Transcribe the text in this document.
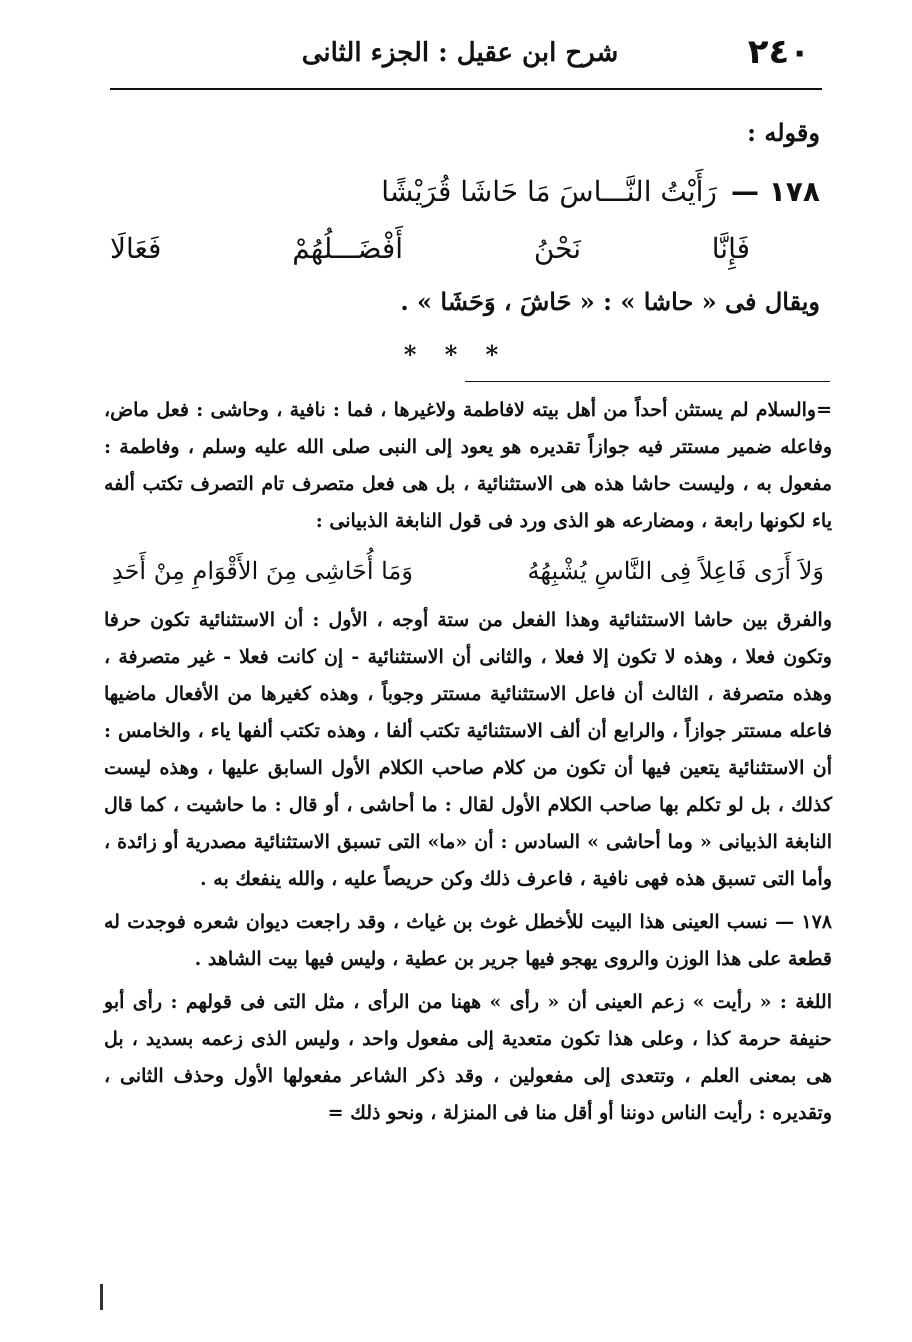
٢٤٠
شرح ابن عقيل : الجزء الثانى
وقوله :
١٧٨ —
رَأَيْتُ النَّـــاسَ مَا حَاشَا قُرَيْشًا
فَإِنَّا
نَحْنُ
أَفْضَـــلُهُمْ
فَعَالَا
ويقال فى « حاشا » : « حَاشَ ، وَحَشَا » .
* * *

=والسلام لم يستثن أحداً من أهل بيته لافاطمة ولاغيرها ، فما : نافية ، وحاشى : فعل ماض، وفاعله ضمير مستتر فيه جوازاً تقديره هو يعود إلى النبى صلى الله عليه وسلم ، وفاطمة : مفعول به ، وليست حاشا هذه هى الاستثنائية ، بل هى فعل متصرف تام التصرف تكتب ألفه ياء لكونها رابعة ، ومضارعه هو الذى ورد فى قول النابغة الذبيانى :

وَلاَ أَرَى فَاعِلاً فِى النَّاسِ يُشْبِهُهُ
وَمَا أُحَاشِى مِنَ الأَقْوَامِ مِنْ أَحَدِ

والفرق بين حاشا الاستثنائية وهذا الفعل من ستة أوجه ، الأول : أن الاستثنائية تكون حرفا وتكون فعلا ، وهذه لا تكون إلا فعلا ، والثانى أن الاستثنائية - إن كانت فعلا - غير متصرفة ، وهذه متصرفة ، الثالث أن فاعل الاستثنائية مستتر وجوباً ، وهذه كغيرها من الأفعال ماضيها فاعله مستتر جوازاً ، والرابع أن ألف الاستثنائية تكتب ألفا ، وهذه تكتب ألفها ياء ، والخامس : أن الاستثنائية يتعين فيها أن تكون من كلام صاحب الكلام الأول السابق عليها ، وهذه ليست كذلك ، بل لو تكلم بها صاحب الكلام الأول لقال : ما أحاشى ، أو قال : ما حاشيت ، كما قال النابغة الذبيانى « وما أحاشى » السادس : أن «ما» التى تسبق الاستثنائية مصدرية أو زائدة ، وأما التى تسبق هذه فهى نافية ، فاعرف ذلك وكن حريصاً عليه ، والله ينفعك به .

١٧٨ — نسب العينى هذا البيت للأخطل غوث بن غياث ، وقد راجعت ديوان شعره فوجدت له قطعة على هذا الوزن والروى يهجو فيها جرير بن عطية ، وليس فيها بيت الشاهد .

اللغة : « رأيت » زعم العينى أن « رأى » ههنا من الرأى ، مثل التى فى قولهم : رأى أبو حنيفة حرمة كذا ، وعلى هذا تكون متعدية إلى مفعول واحد ، وليس الذى زعمه بسديد ، بل هى بمعنى العلم ، وتتعدى إلى مفعولين ، وقد ذكر الشاعر مفعولها الأول وحذف الثانى ، وتقديره : رأيت الناس دوننا أو أقل منا فى المنزلة ، ونحو ذلك =
